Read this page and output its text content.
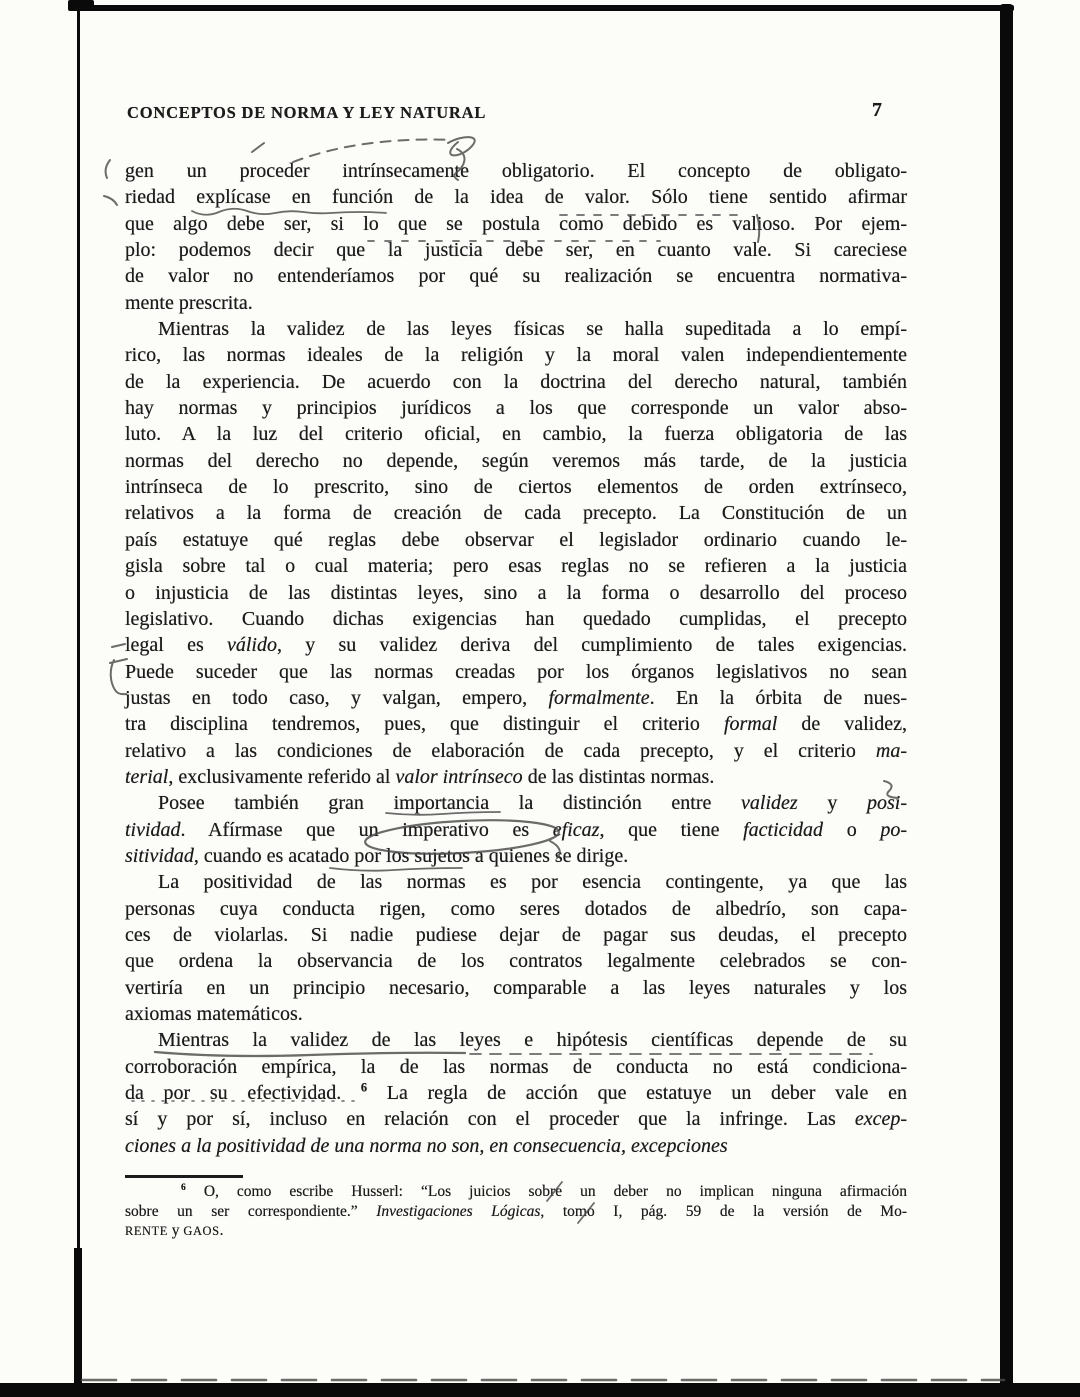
CONCEPTOS DE NORMA Y LEY NATURAL	7
gen un proceder intrínsecamente obligatorio. El concepto de obligato-
riedad explícase en función de la idea de valor. Sólo tiene sentido afirmar
que algo debe ser, si lo que se postula como debido es valioso. Por ejem-
plo: podemos decir que la justicia debe ser, en cuanto vale. Si careciese
de valor no entenderíamos por qué su realización se encuentra normativa-
mente prescrita.
Mientras la validez de las leyes físicas se halla supeditada a lo empí-
rico, las normas ideales de la religión y la moral valen independientemente
de la experiencia. De acuerdo con la doctrina del derecho natural, también
hay normas y principios jurídicos a los que corresponde un valor abso-
luto. A la luz del criterio oficial, en cambio, la fuerza obligatoria de las
normas del derecho no depende, según veremos más tarde, de la justicia
intrínseca de lo prescrito, sino de ciertos elementos de orden extrínseco,
relativos a la forma de creación de cada precepto. La Constitución de un
país estatuye qué reglas debe observar el legislador ordinario cuando le-
gisla sobre tal o cual materia; pero esas reglas no se refieren a la justicia
o injusticia de las distintas leyes, sino a la forma o desarrollo del proceso
legislativo. Cuando dichas exigencias han quedado cumplidas, el precepto
legal es válido, y su validez deriva del cumplimiento de tales exigencias.
Puede suceder que las normas creadas por los órganos legislativos no sean
justas en todo caso, y valgan, empero, formalmente. En la órbita de nues-
tra disciplina tendremos, pues, que distinguir el criterio formal de validez,
relativo a las condiciones de elaboración de cada precepto, y el criterio ma-
terial, exclusivamente referido al valor intrínseco de las distintas normas.
Posee también gran importancia la distinción entre validez y posi-
tividad. Afírmase que un imperativo es eficaz, que tiene facticidad o po-
sitividad, cuando es acatado por los sujetos a quienes se dirige.
La positividad de las normas es por esencia contingente, ya que las
personas cuya conducta rigen, como seres dotados de albedrío, son capa-
ces de violarlas. Si nadie pudiese dejar de pagar sus deudas, el precepto
que ordena la observancia de los contratos legalmente celebrados se con-
vertiría en un principio necesario, comparable a las leyes naturales y los
axiomas matemáticos.
Mientras la validez de las leyes e hipótesis científicas depende de su
corroboración empírica, la de las normas de conducta no está condiciona-
da por su efectividad. $^6$ La regla de acción que estatuye un deber vale en
sí y por sí, incluso en relación con el proceder que la infringe. Las excep-
ciones a la positividad de una norma no son, en consecuencia, excepciones
$^6$ O, como escribe Husserl: “Los juicios sobre un deber no implican ninguna afirmación
sobre un ser correspondiente.” Investigaciones Lógicas, tomo I, pág. 59 de la versión de Mo-
RENTE y GAOS.
